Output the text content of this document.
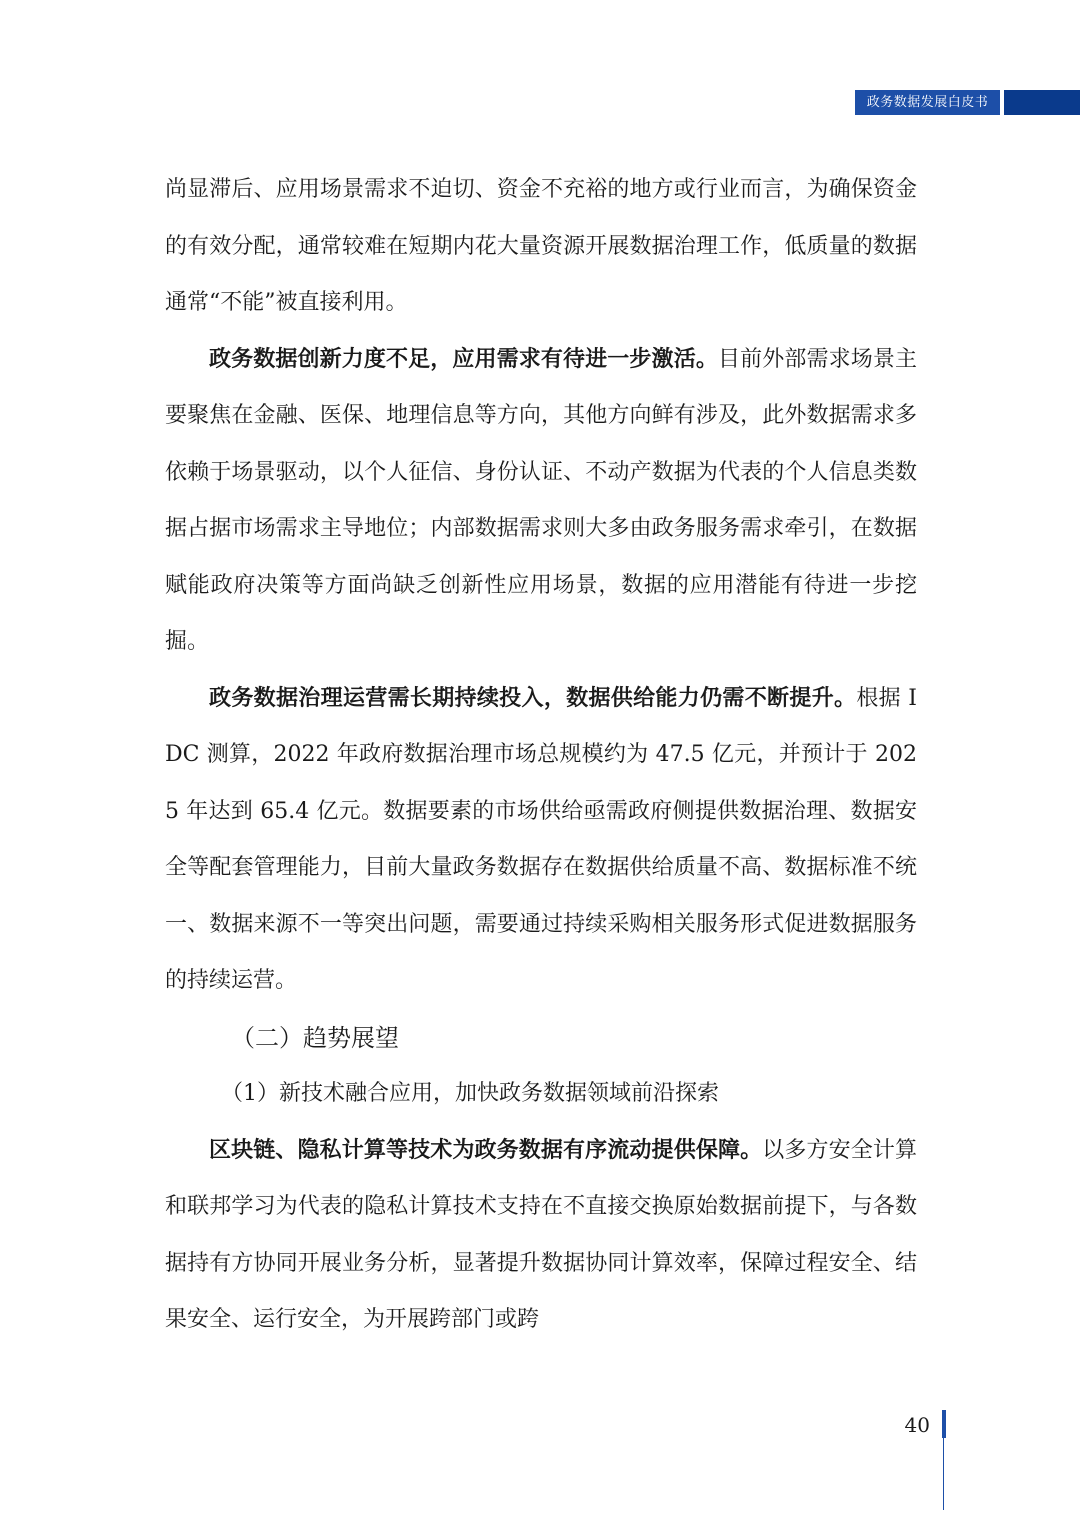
政务数据发展白皮书

尚显滞后、应用场景需求不迫切、资金不充裕的地方或行业而言，为确保资金的有效分配，通常较难在短期内花大量资源开展数据治理工作，低质量的数据通常“不能”被直接利用。

政务数据创新力度不足，应用需求有待进一步激活。目前外部需求场景主要聚焦在金融、医保、地理信息等方向，其他方向鲜有涉及，此外数据需求多依赖于场景驱动，以个人征信、身份认证、不动产数据为代表的个人信息类数据占据市场需求主导地位；内部数据需求则大多由政务服务需求牵引，在数据赋能政府决策等方面尚缺乏创新性应用场景，数据的应用潜能有待进一步挖掘。

政务数据治理运营需长期持续投入，数据供给能力仍需不断提升。根据 IDC 测算，2022 年政府数据治理市场总规模约为 47.5 亿元，并预计于 2025 年达到 65.4 亿元。数据要素的市场供给亟需政府侧提供数据治理、数据安全等配套管理能力，目前大量政务数据存在数据供给质量不高、数据标准不统一、数据来源不一等突出问题，需要通过持续采购相关服务形式促进数据服务的持续运营。

（二）趋势展望

（1）新技术融合应用，加快政务数据领域前沿探索

区块链、隐私计算等技术为政务数据有序流动提供保障。以多方安全计算和联邦学习为代表的隐私计算技术支持在不直接交换原始数据前提下，与各数据持有方协同开展业务分析，显著提升数据协同计算效率，保障过程安全、结果安全、运行安全，为开展跨部门或跨

40
